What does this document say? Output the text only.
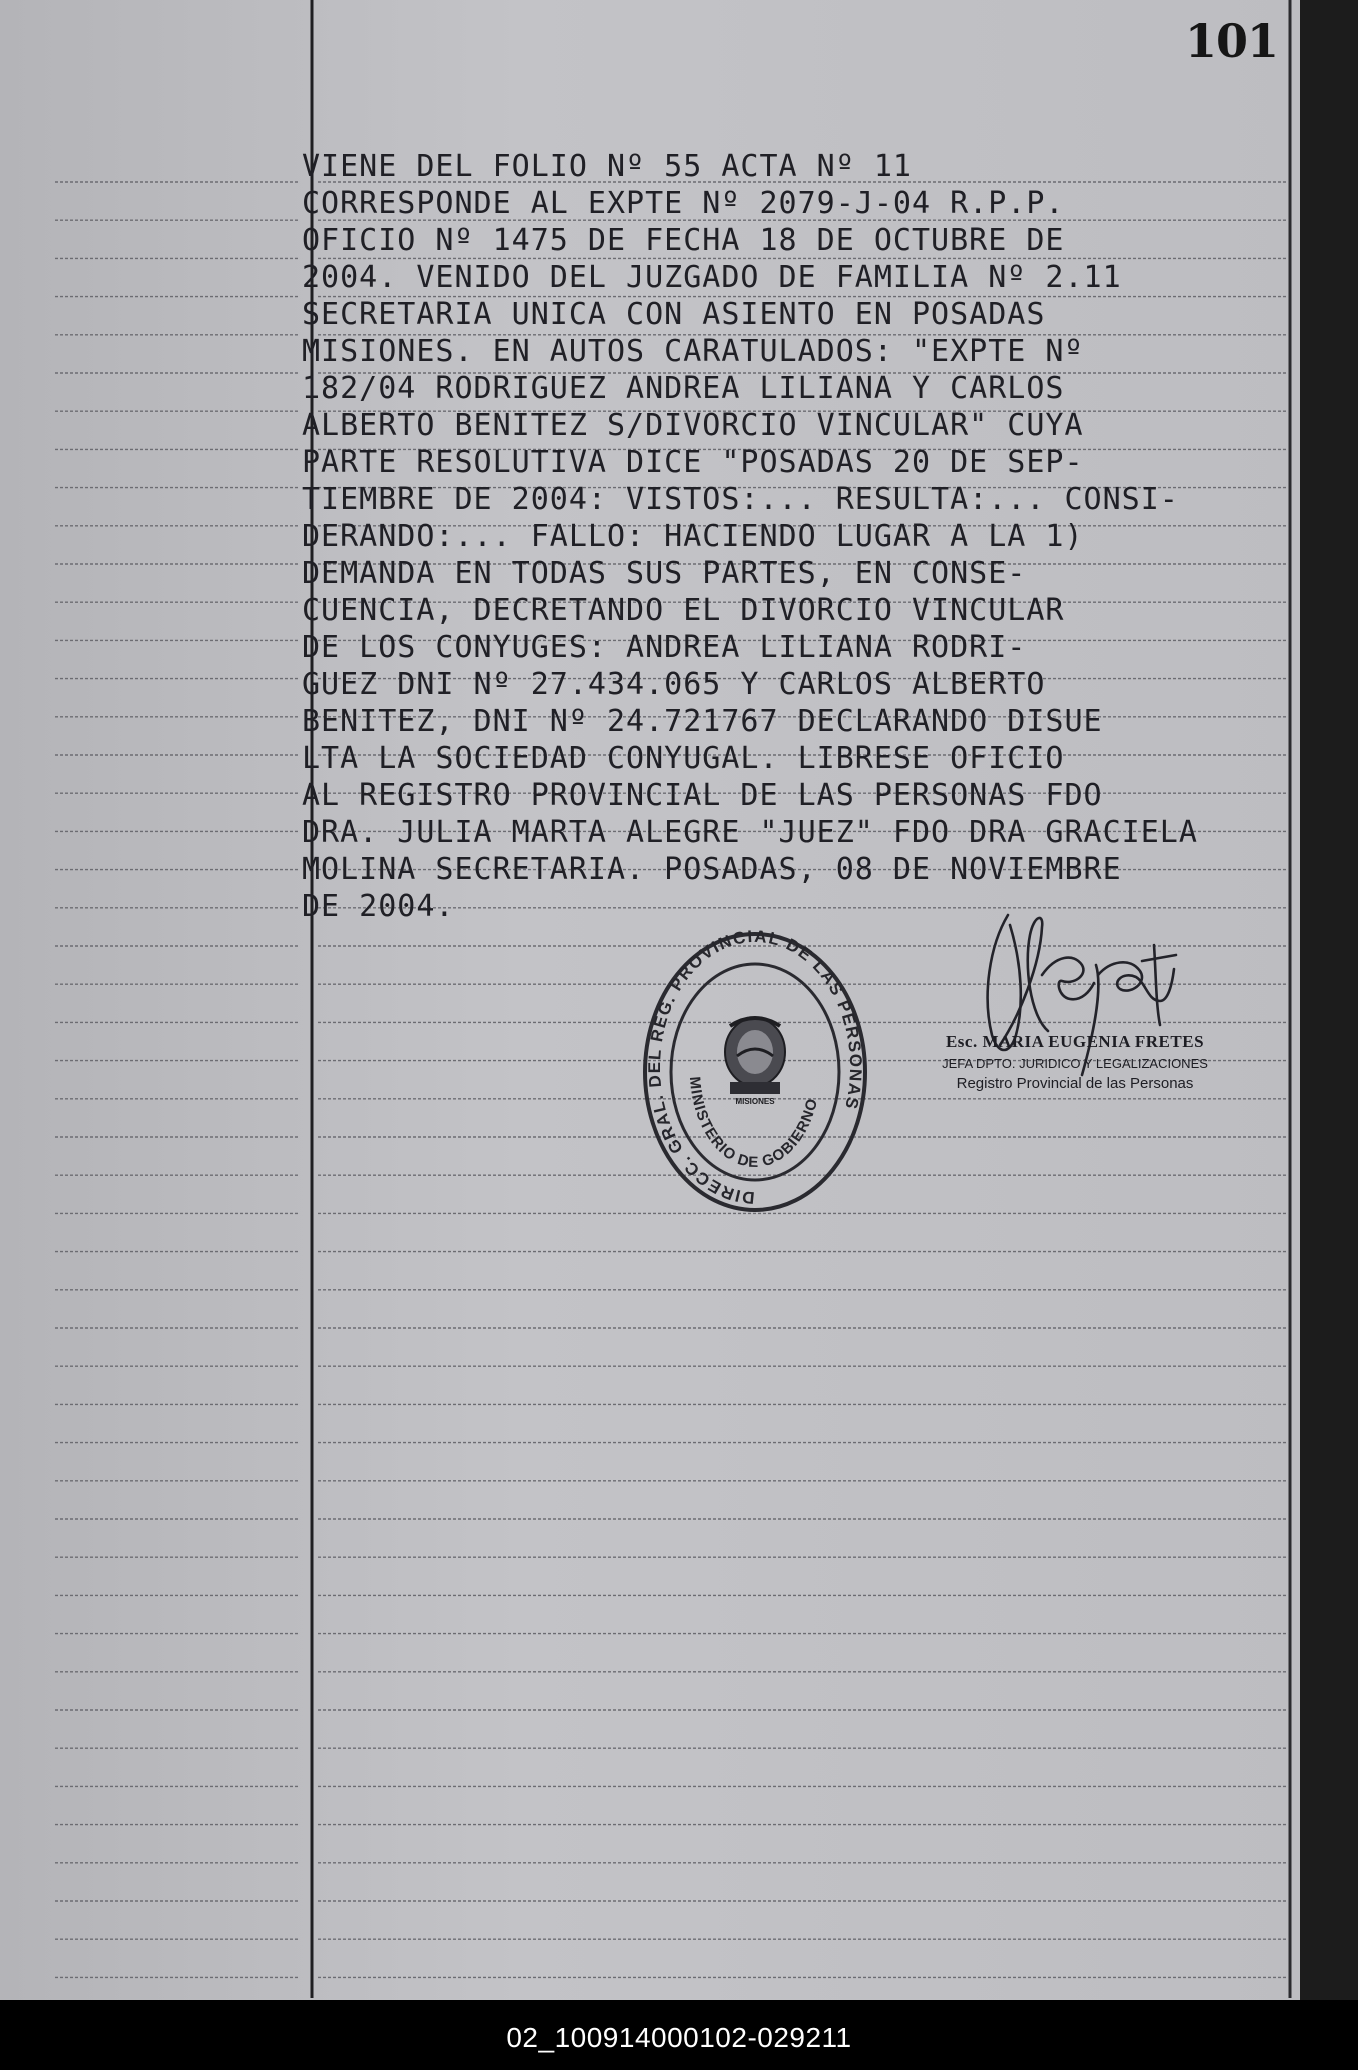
101
VIENE DEL FOLIO Nº 55 ACTA Nº 11
CORRESPONDE AL EXPTE Nº 2079-J-04 R.P.P.
OFICIO Nº 1475 DE FECHA 18 DE OCTUBRE DE
2004. VENIDO DEL JUZGADO DE FAMILIA Nº 2.11
SECRETARIA UNICA CON ASIENTO EN POSADAS
MISIONES. EN AUTOS CARATULADOS: "EXPTE Nº
182/04 RODRIGUEZ ANDREA LILIANA Y CARLOS
ALBERTO BENITEZ S/DIVORCIO VINCULAR" CUYA
PARTE RESOLUTIVA DICE "POSADAS 20 DE SEP-
TIEMBRE DE 2004: VISTOS:... RESULTA:... CONSI-
DERANDO:... FALLO: HACIENDO LUGAR A LA 1)
DEMANDA EN TODAS SUS PARTES, EN CONSE-
CUENCIA, DECRETANDO EL DIVORCIO VINCULAR
DE LOS CONYUGES: ANDREA LILIANA RODRI-
GUEZ DNI Nº 27.434.065 Y CARLOS ALBERTO
BENITEZ, DNI Nº 24.721767 DECLARANDO DISUE
LTA LA SOCIEDAD CONYUGAL. LIBRESE OFICIO
AL REGISTRO PROVINCIAL DE LAS PERSONAS FDO
DRA. JULIA MARTA ALEGRE "JUEZ" FDO DRA GRACIELA
MOLINA SECRETARIA. POSADAS, 08 DE NOVIEMBRE
DE 2004.
DIRECC. GRAL. DEL REG. PROVINCIAL DE LAS PERSONAS
MINISTERIO DE GOBIERNO
MISIONES
Esc. MARIA EUGENIA FRETES
JEFA DPTO. JURIDICO Y LEGALIZACIONES
Registro Provincial de las Personas
02_100914000102-029211
